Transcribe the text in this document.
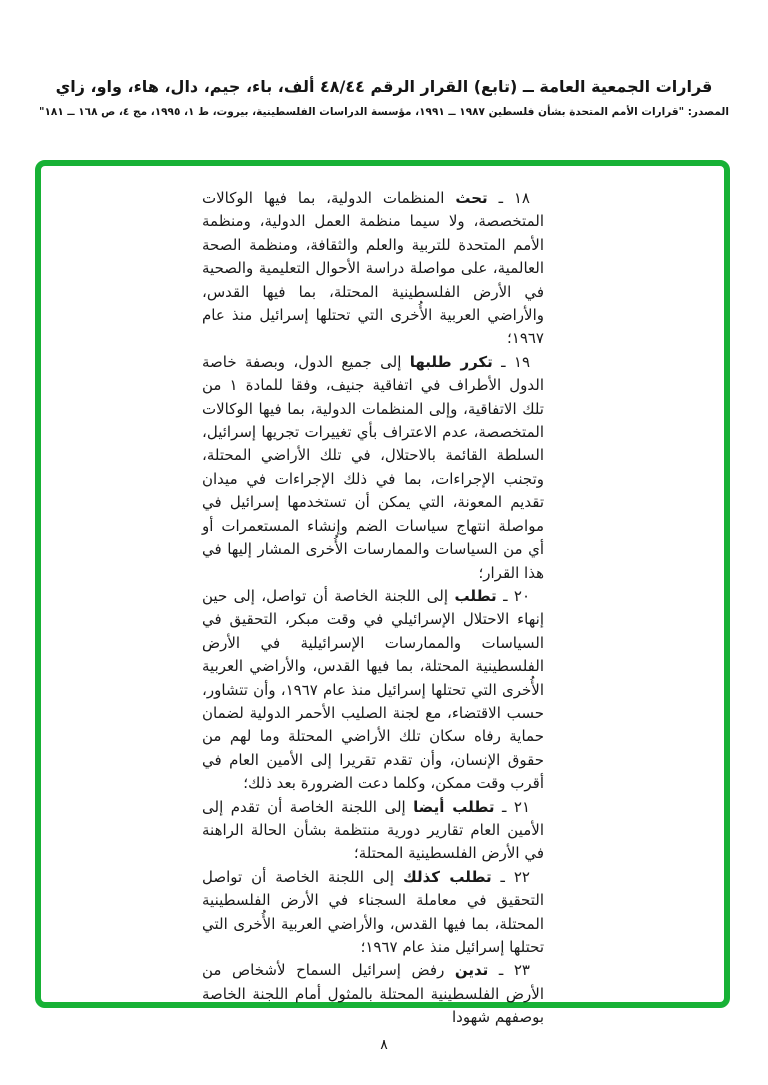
قرارات الجمعية العامة ــ (تابع) القرار الرقم ٤٨/٤٤ ألف، باء، جيم، دال، هاء، واو، زاي
المصدر: "قرارات الأمم المتحدة بشأن فلسطين ١٩٨٧ ــ ١٩٩١، مؤسسة الدراسات الفلسطينية، بيروت، ط ١، ١٩٩٥، مج ٤، ص ١٦٨ ــ ١٨١"

١٨ ـ تحث المنظمات الدولية، بما فيها الوكالات المتخصصة، ولا سيما منظمة العمل الدولية، ومنظمة الأمم المتحدة للتربية والعلم والثقافة، ومنظمة الصحة العالمية، على مواصلة دراسة الأحوال التعليمية والصحية في الأرض الفلسطينية المحتلة، بما فيها القدس، والأراضي العربية الأُخرى التي تحتلها إسرائيل منذ عام ١٩٦٧؛

١٩ ـ تكرر طلبها إلى جميع الدول، وبصفة خاصة الدول الأطراف في اتفاقية جنيف، وفقا للمادة ١ من تلك الاتفاقية، وإلى المنظمات الدولية، بما فيها الوكالات المتخصصة، عدم الاعتراف بأي تغييرات تجريها إسرائيل، السلطة القائمة بالاحتلال، في تلك الأراضي المحتلة، وتجنب الإجراءات، بما في ذلك الإجراءات في ميدان تقديم المعونة، التي يمكن أن تستخدمها إسرائيل في مواصلة انتهاج سياسات الضم وإنشاء المستعمرات أو أي من السياسات والممارسات الأُخرى المشار إليها في هذا القرار؛

٢٠ ـ تطلب إلى اللجنة الخاصة أن تواصل، إلى حين إنهاء الاحتلال الإسرائيلي في وقت مبكر، التحقيق في السياسات والممارسات الإسرائيلية في الأرض الفلسطينية المحتلة، بما فيها القدس، والأراضي العربية الأُخرى التي تحتلها إسرائيل منذ عام ١٩٦٧، وأن تتشاور، حسب الاقتضاء، مع لجنة الصليب الأحمر الدولية لضمان حماية رفاه سكان تلك الأراضي المحتلة وما لهم من حقوق الإنسان، وأن تقدم تقريرا إلى الأمين العام في أقرب وقت ممكن، وكلما دعت الضرورة بعد ذلك؛

٢١ ـ تطلب أيضا إلى اللجنة الخاصة أن تقدم إلى الأمين العام تقارير دورية منتظمة بشأن الحالة الراهنة في الأرض الفلسطينية المحتلة؛

٢٢ ـ تطلب كذلك إلى اللجنة الخاصة أن تواصل التحقيق في معاملة السجناء في الأرض الفلسطينية المحتلة، بما فيها القدس، والأراضي العربية الأُخرى التي تحتلها إسرائيل منذ عام ١٩٦٧؛

٢٣ ـ تدين رفض إسرائيل السماح لأشخاص من الأرض الفلسطينية المحتلة بالمثول أمام اللجنة الخاصة بوصفهم شهودا

٨
